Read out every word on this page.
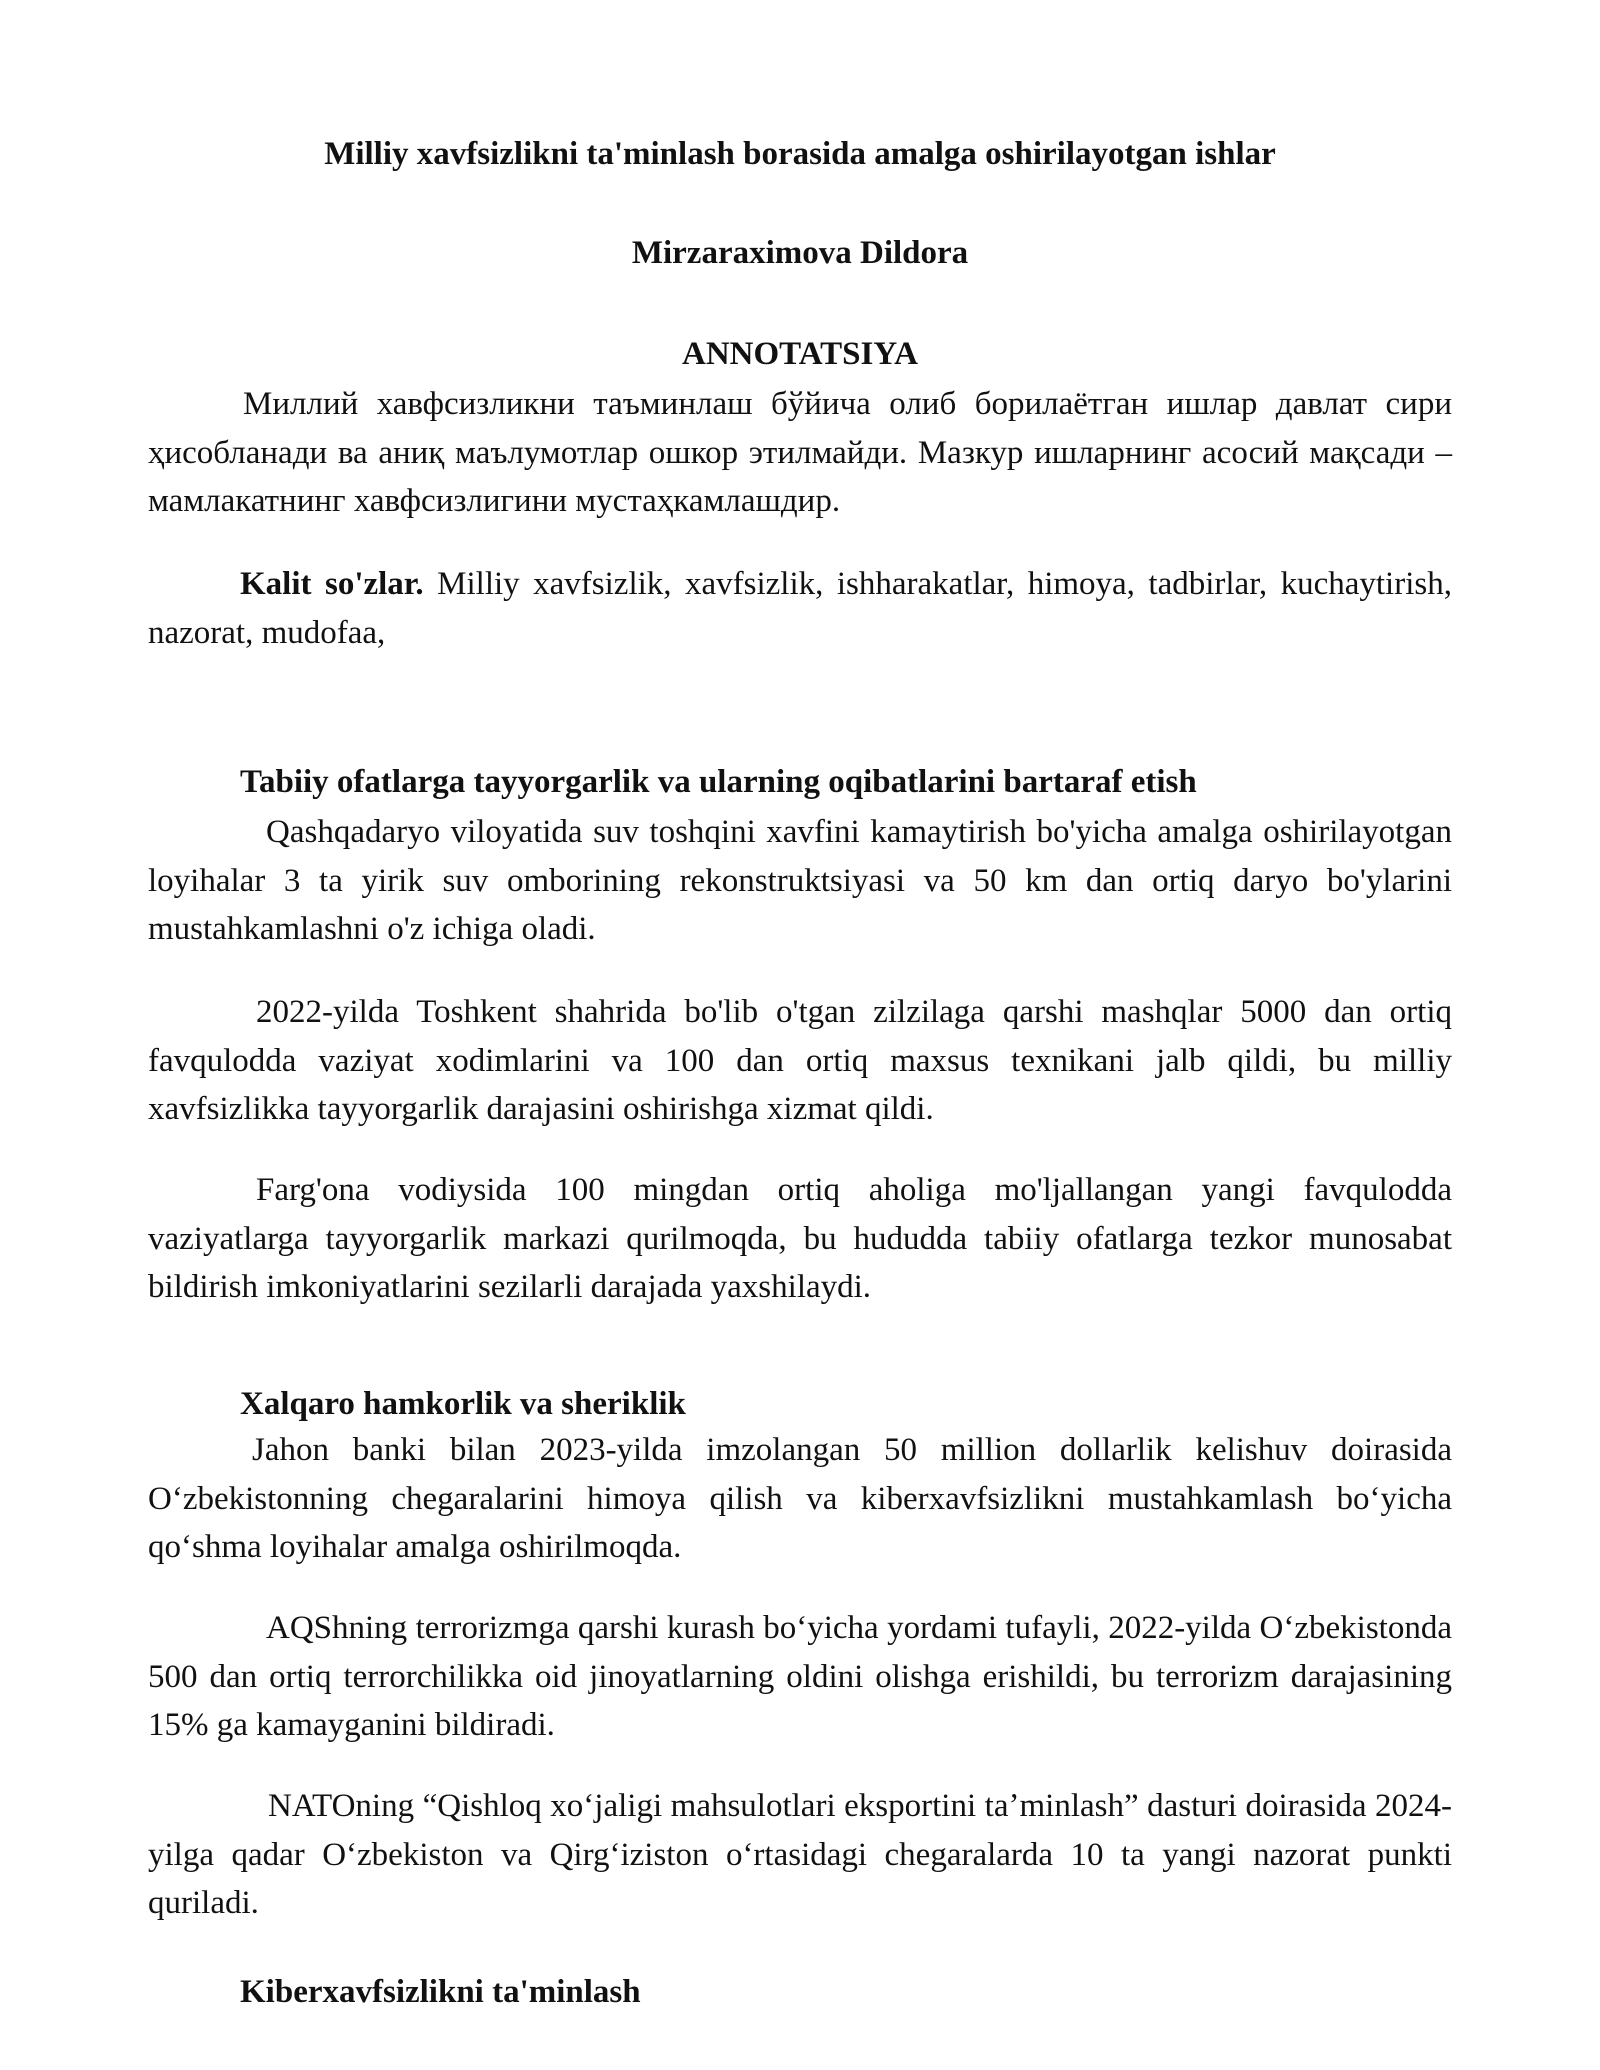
Milliy xavfsizlikni ta'minlash borasida amalga oshirilayotgan ishlar
Mirzaraximova Dildora
ANNOTATSIYA

Миллий хавфсизликни таъминлаш бўйича олиб борилаётган ишлар давлат сири ҳисобланади ва аниқ маълумотлар ошкор этилмайди. Мазкур ишларнинг асосий мақсади – мамлакатнинг хавфсизлигини мустаҳкамлашдир.

Kalit so'zlar. Milliy xavfsizlik, xavfsizlik, ishharakatlar, himoya, tadbirlar, kuchaytirish, nazorat, mudofaa,

Tabiiy ofatlarga tayyorgarlik va ularning oqibatlarini bartaraf etish

Qashqadaryo viloyatida suv toshqini xavfini kamaytirish bo'yicha amalga oshirilayotgan loyihalar 3 ta yirik suv omborining rekonstruktsiyasi va 50 km dan ortiq daryo bo'ylarini mustahkamlashni o'z ichiga oladi.

2022-yilda Toshkent shahrida bo'lib o'tgan zilzilaga qarshi mashqlar 5000 dan ortiq favqulodda vaziyat xodimlarini va 100 dan ortiq maxsus texnikani jalb qildi, bu milliy xavfsizlikka tayyorgarlik darajasini oshirishga xizmat qildi.

Farg'ona vodiysida 100 mingdan ortiq aholiga mo'ljallangan yangi favqulodda vaziyatlarga tayyorgarlik markazi qurilmoqda, bu hududda tabiiy ofatlarga tezkor munosabat bildirish imkoniyatlarini sezilarli darajada yaxshilaydi.

Xalqaro hamkorlik va sheriklik

Jahon banki bilan 2023-yilda imzolangan 50 million dollarlik kelishuv doirasida Oʻzbekistonning chegaralarini himoya qilish va kiberxavfsizlikni mustahkamlash boʻyicha qoʻshma loyihalar amalga oshirilmoqda.

AQShning terrorizmga qarshi kurash boʻyicha yordami tufayli, 2022-yilda Oʻzbekistonda 500 dan ortiq terrorchilikka oid jinoyatlarning oldini olishga erishildi, bu terrorizm darajasining 15% ga kamayganini bildiradi.

NATOning “Qishloq xoʻjaligi mahsulotlari eksportini taʼminlash” dasturi doirasida 2024-yilga qadar Oʻzbekiston va Qirgʻiziston oʻrtasidagi chegaralarda 10 ta yangi nazorat punkti quriladi.

Kiberxavfsizlikni ta'minlash
